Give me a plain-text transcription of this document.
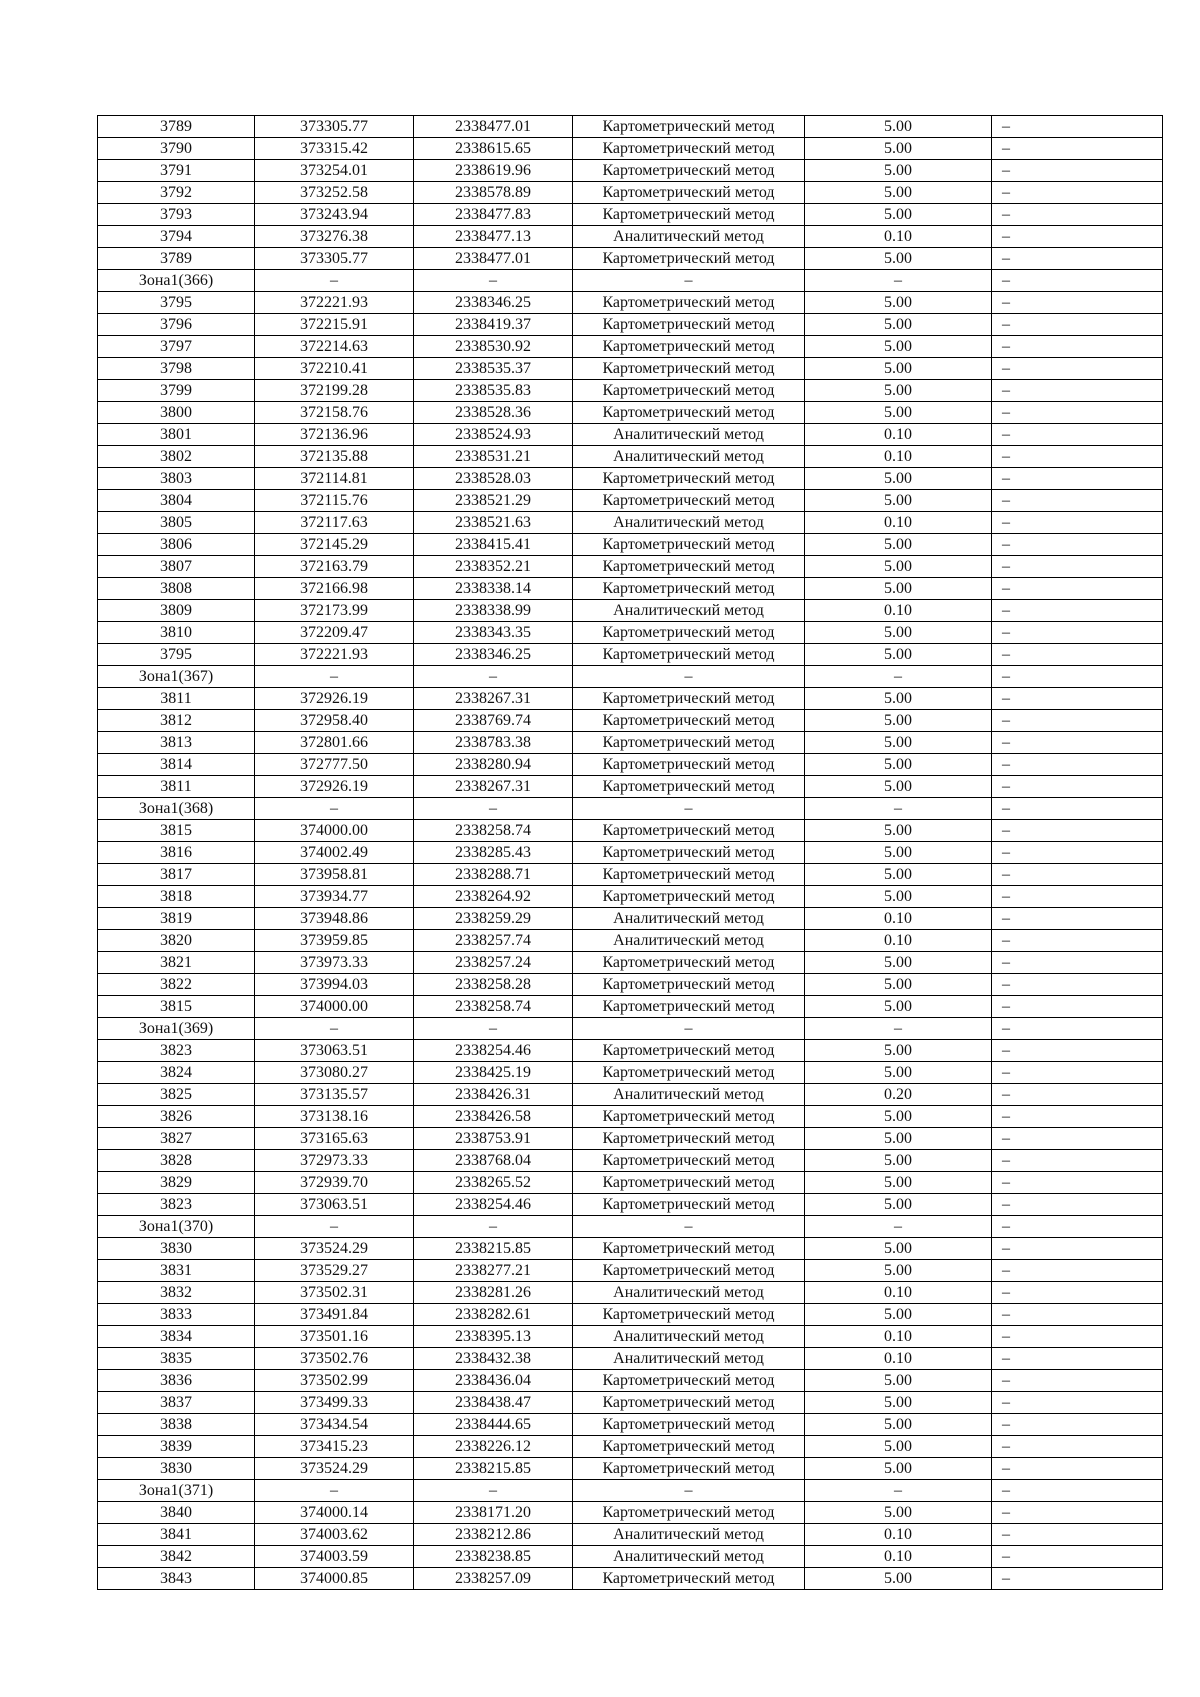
3789	373305.77	2338477.01	Картометрический метод	5.00	–
3790	373315.42	2338615.65	Картометрический метод	5.00	–
3791	373254.01	2338619.96	Картометрический метод	5.00	–
3792	373252.58	2338578.89	Картометрический метод	5.00	–
3793	373243.94	2338477.83	Картометрический метод	5.00	–
3794	373276.38	2338477.13	Аналитический метод	0.10	–
3789	373305.77	2338477.01	Картометрический метод	5.00	–
Зона1(366)	–	–	–	–	–
3795	372221.93	2338346.25	Картометрический метод	5.00	–
3796	372215.91	2338419.37	Картометрический метод	5.00	–
3797	372214.63	2338530.92	Картометрический метод	5.00	–
3798	372210.41	2338535.37	Картометрический метод	5.00	–
3799	372199.28	2338535.83	Картометрический метод	5.00	–
3800	372158.76	2338528.36	Картометрический метод	5.00	–
3801	372136.96	2338524.93	Аналитический метод	0.10	–
3802	372135.88	2338531.21	Аналитический метод	0.10	–
3803	372114.81	2338528.03	Картометрический метод	5.00	–
3804	372115.76	2338521.29	Картометрический метод	5.00	–
3805	372117.63	2338521.63	Аналитический метод	0.10	–
3806	372145.29	2338415.41	Картометрический метод	5.00	–
3807	372163.79	2338352.21	Картометрический метод	5.00	–
3808	372166.98	2338338.14	Картометрический метод	5.00	–
3809	372173.99	2338338.99	Аналитический метод	0.10	–
3810	372209.47	2338343.35	Картометрический метод	5.00	–
3795	372221.93	2338346.25	Картометрический метод	5.00	–
Зона1(367)	–	–	–	–	–
3811	372926.19	2338267.31	Картометрический метод	5.00	–
3812	372958.40	2338769.74	Картометрический метод	5.00	–
3813	372801.66	2338783.38	Картометрический метод	5.00	–
3814	372777.50	2338280.94	Картометрический метод	5.00	–
3811	372926.19	2338267.31	Картометрический метод	5.00	–
Зона1(368)	–	–	–	–	–
3815	374000.00	2338258.74	Картометрический метод	5.00	–
3816	374002.49	2338285.43	Картометрический метод	5.00	–
3817	373958.81	2338288.71	Картометрический метод	5.00	–
3818	373934.77	2338264.92	Картометрический метод	5.00	–
3819	373948.86	2338259.29	Аналитический метод	0.10	–
3820	373959.85	2338257.74	Аналитический метод	0.10	–
3821	373973.33	2338257.24	Картометрический метод	5.00	–
3822	373994.03	2338258.28	Картометрический метод	5.00	–
3815	374000.00	2338258.74	Картометрический метод	5.00	–
Зона1(369)	–	–	–	–	–
3823	373063.51	2338254.46	Картометрический метод	5.00	–
3824	373080.27	2338425.19	Картометрический метод	5.00	–
3825	373135.57	2338426.31	Аналитический метод	0.20	–
3826	373138.16	2338426.58	Картометрический метод	5.00	–
3827	373165.63	2338753.91	Картометрический метод	5.00	–
3828	372973.33	2338768.04	Картометрический метод	5.00	–
3829	372939.70	2338265.52	Картометрический метод	5.00	–
3823	373063.51	2338254.46	Картометрический метод	5.00	–
Зона1(370)	–	–	–	–	–
3830	373524.29	2338215.85	Картометрический метод	5.00	–
3831	373529.27	2338277.21	Картометрический метод	5.00	–
3832	373502.31	2338281.26	Аналитический метод	0.10	–
3833	373491.84	2338282.61	Картометрический метод	5.00	–
3834	373501.16	2338395.13	Аналитический метод	0.10	–
3835	373502.76	2338432.38	Аналитический метод	0.10	–
3836	373502.99	2338436.04	Картометрический метод	5.00	–
3837	373499.33	2338438.47	Картометрический метод	5.00	–
3838	373434.54	2338444.65	Картометрический метод	5.00	–
3839	373415.23	2338226.12	Картометрический метод	5.00	–
3830	373524.29	2338215.85	Картометрический метод	5.00	–
Зона1(371)	–	–	–	–	–
3840	374000.14	2338171.20	Картометрический метод	5.00	–
3841	374003.62	2338212.86	Аналитический метод	0.10	–
3842	374003.59	2338238.85	Аналитический метод	0.10	–
3843	374000.85	2338257.09	Картометрический метод	5.00	–
